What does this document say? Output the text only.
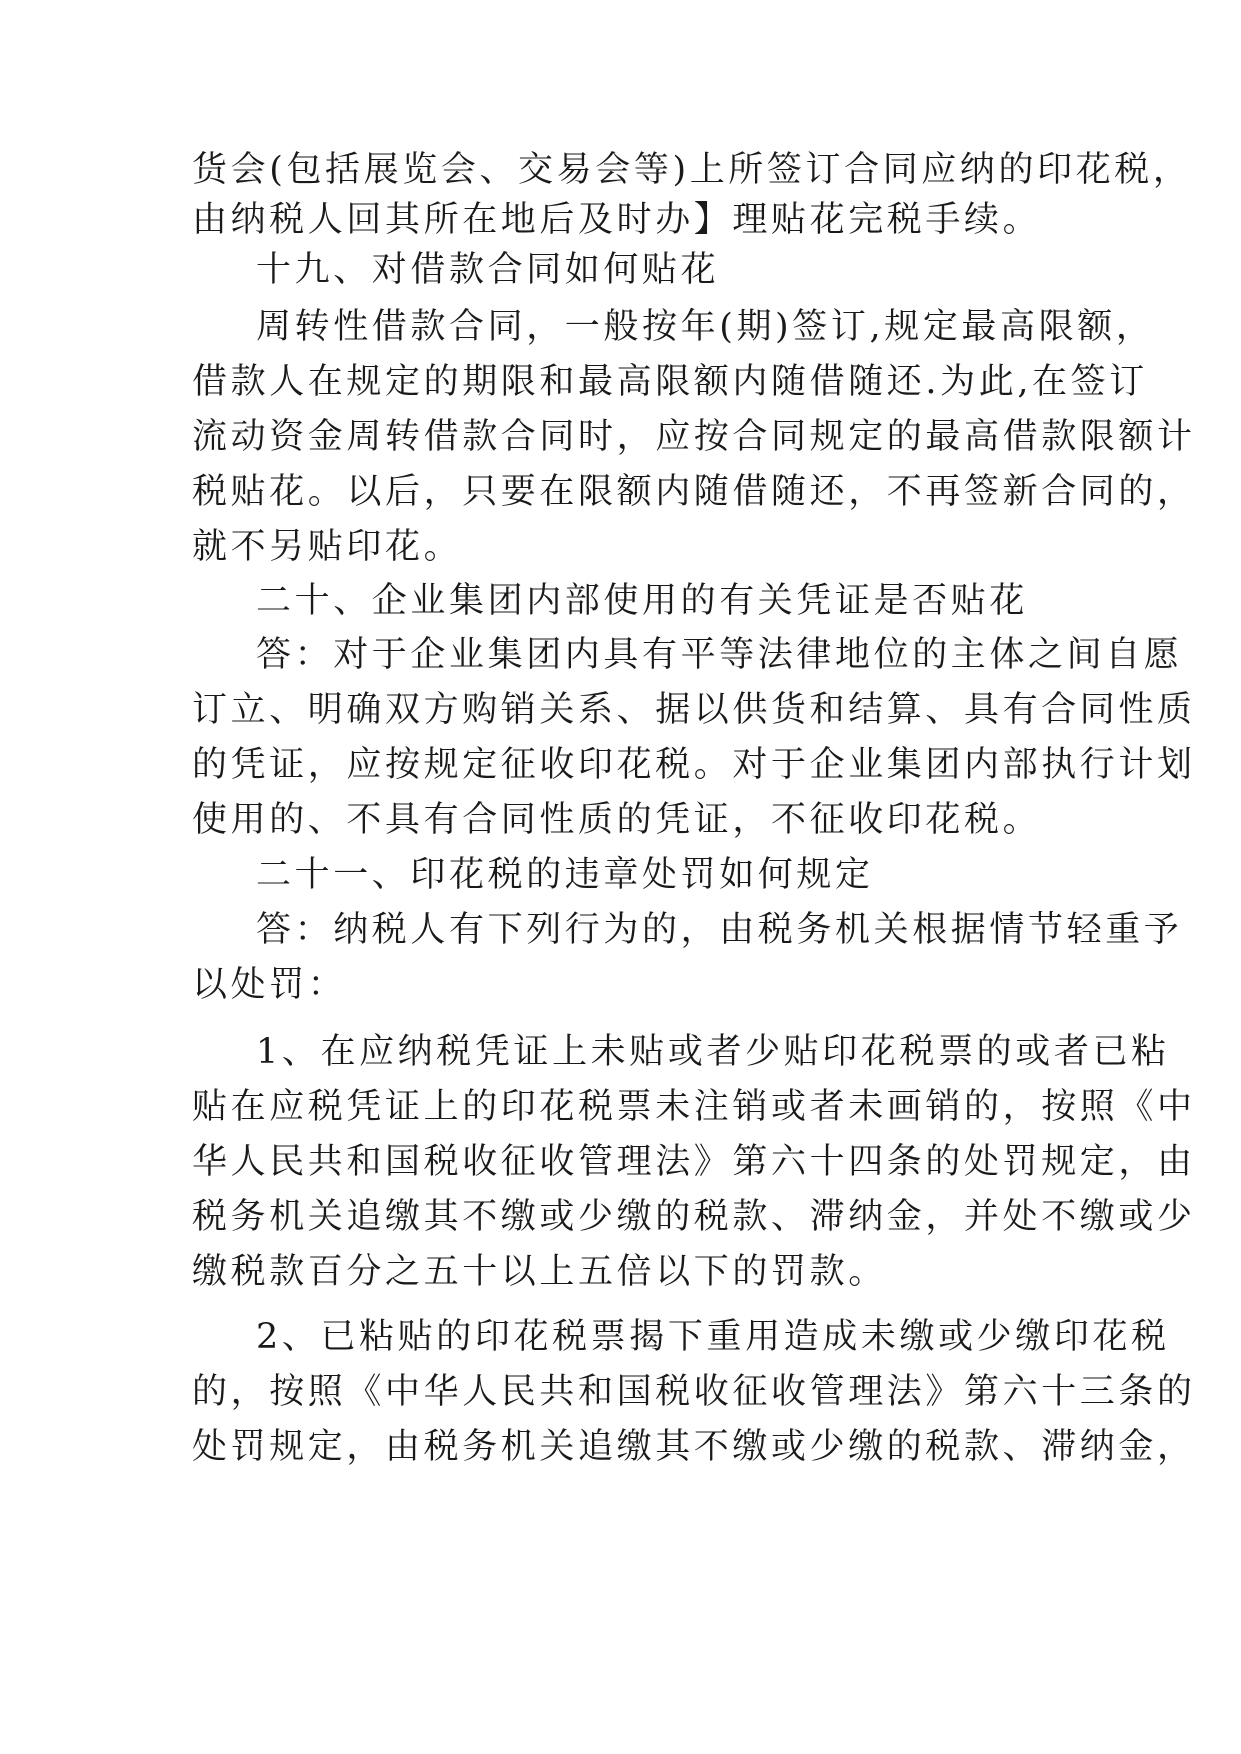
货会(包括展览会、交易会等)上所签订合同应纳的印花税，
由纳税人回其所在地后及时办】理贴花完税手续。
十九、对借款合同如何贴花
周转性借款合同，一般按年(期)签订,规定最高限额，
借款人在规定的期限和最高限额内随借随还.为此,在签订
流动资金周转借款合同时，应按合同规定的最高借款限额计
税贴花。以后，只要在限额内随借随还，不再签新合同的，
就不另贴印花。
二十、企业集团内部使用的有关凭证是否贴花
答：对于企业集团内具有平等法律地位的主体之间自愿
订立、明确双方购销关系、据以供货和结算、具有合同性质
的凭证，应按规定征收印花税。对于企业集团内部执行计划
使用的、不具有合同性质的凭证，不征收印花税。
二十一、印花税的违章处罚如何规定
答：纳税人有下列行为的，由税务机关根据情节轻重予
以处罚：
1、在应纳税凭证上未贴或者少贴印花税票的或者已粘
贴在应税凭证上的印花税票未注销或者未画销的，按照《中
华人民共和国税收征收管理法》第六十四条的处罚规定，由
税务机关追缴其不缴或少缴的税款、滞纳金，并处不缴或少
缴税款百分之五十以上五倍以下的罚款。
2、已粘贴的印花税票揭下重用造成未缴或少缴印花税
的，按照《中华人民共和国税收征收管理法》第六十三条的
处罚规定，由税务机关追缴其不缴或少缴的税款、滞纳金，
